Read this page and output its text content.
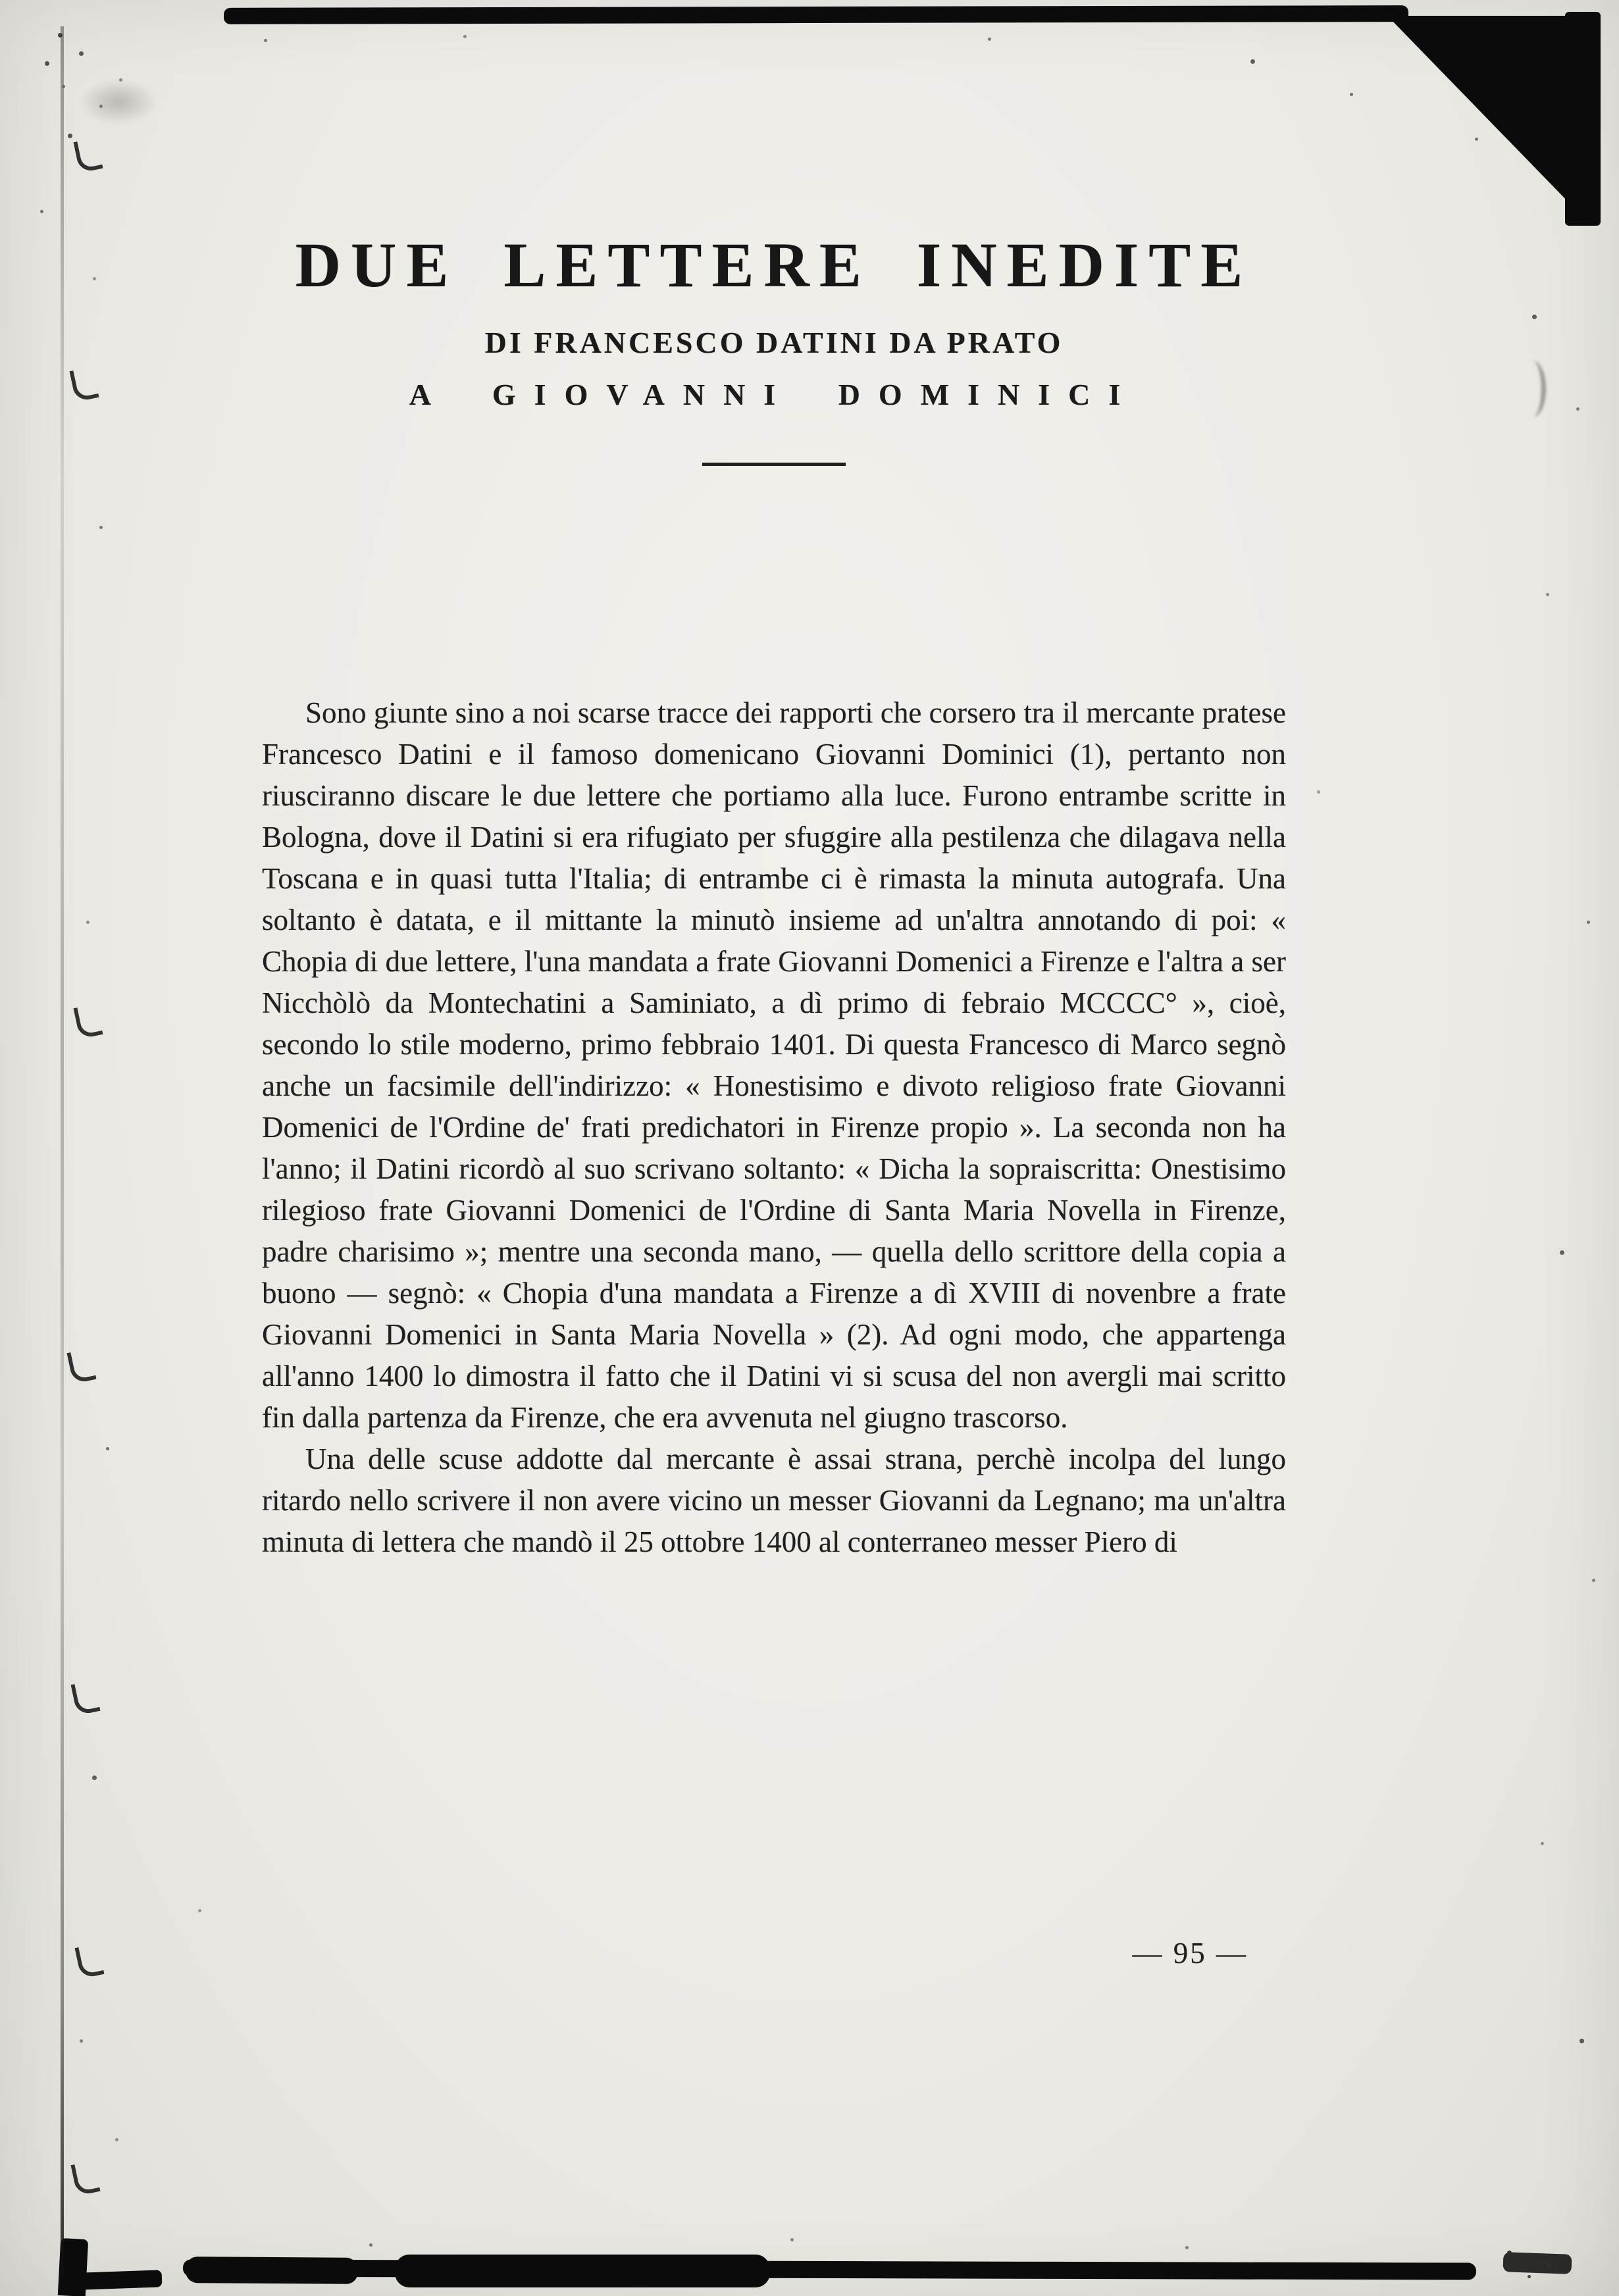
DUE LETTERE INEDITE
DI FRANCESCO DATINI DA PRATO
A GIOVANNI DOMINICI

Sono giunte sino a noi scarse tracce dei rapporti che corsero tra il mercante pratese Francesco Datini e il famoso domenicano Giovanni Dominici (1), pertanto non riusciranno discare le due lettere che portiamo alla luce. Furono entrambe scritte in Bologna, dove il Datini si era rifugiato per sfuggire alla pestilenza che dilagava nella Toscana e in quasi tutta l'Italia; di entrambe ci è rimasta la minuta autografa. Una soltanto è datata, e il mittante la minutò insieme ad un'altra annotando di poi: « Chopia di due lettere, l'una mandata a frate Giovanni Domenici a Firenze e l'altra a ser Nicchòlò da Montechatini a Saminiato, a dì primo di febraio MCCCC° », cioè, secondo lo stile moderno, primo febbraio 1401. Di questa Francesco di Marco segnò anche un facsimile dell'indirizzo: « Honestisimo e divoto religioso frate Giovanni Domenici de l'Ordine de' frati predichatori in Firenze propio ». La seconda non ha l'anno; il Datini ricordò al suo scrivano soltanto: « Dicha la sopraiscritta: Onestisimo rilegioso frate Giovanni Domenici de l'Ordine di Santa Maria Novella in Firenze, padre charisimo »; mentre una seconda mano, — quella dello scrittore della copia a buono — segnò: « Chopia d'una mandata a Firenze a dì XVIII di novenbre a frate Giovanni Domenici in Santa Maria Novella » (2). Ad ogni modo, che appartenga all'anno 1400 lo dimostra il fatto che il Datini vi si scusa del non avergli mai scritto fin dalla partenza da Firenze, che era avvenuta nel giugno trascorso.

Una delle scuse addotte dal mercante è assai strana, perchè incolpa del lungo ritardo nello scrivere il non avere vicino un messer Giovanni da Legnano; ma un'altra minuta di lettera che mandò il 25 ottobre 1400 al conterraneo messer Piero di

— 95 —
